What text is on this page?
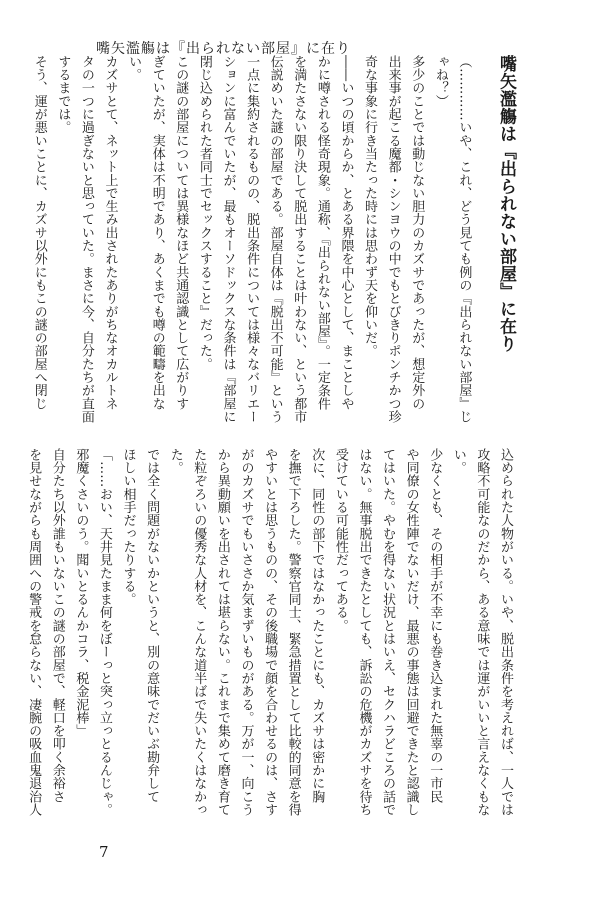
嘴矢濫觴は『出られない部屋』に在り
嘴矢濫觴は『出られない部屋』に在り
（…………いや、これ、どう見ても例の『出られない部屋』じ
ゃね？）
多少のことでは動じない胆力のカズサであったが、想定外の
出来事が起こる魔都・シンヨウの中でもとびきりポンチかつ珍
奇な事象に行き当たった時には思わず天を仰いだ。
――いつの頃からか、とある界隈を中心として、まことしや
かに噂される怪奇現象。通称、『出られない部屋』。一定条件
を満たさない限り決して脱出することは叶わない、という都市
伝説めいた謎の部屋である。部屋自体は『脱出不可能』という
一点に集約されるものの、脱出条件については様々なバリエー
ションに富んでいたが、最もオーソドックスな条件は『部屋に
閉じ込められた者同士でセックスすること』だった。
この謎の部屋については異様なほど共通認識として広がりす
ぎていたが、実体は不明であり、あくまでも噂の範疇を出な
い。
カズサとて、ネット上で生み出されたありがちなオカルトネ
タの一つに過ぎないと思っていた。まさに今、自分たちが直面
するまでは。
そう、運が悪いことに、カズサ以外にもこの謎の部屋へ閉じ
込められた人物がいる。いや、脱出条件を考えれば、一人では
攻略不可能なのだから、ある意味では運がいいと言えなくもな
い。
少なくとも、その相手が不幸にも巻き込まれた無辜の一市民
や同僚の女性陣でないだけ、最悪の事態は回避できたと認識し
てはいた。やむを得ない状況とはいえ、セクハラどころの話で
はない。無事脱出できたとしても、訴訟の危機がカズサを待ち
受けている可能性だってある。
次に、同性の部下ではなかったことにも、カズサは密かに胸
を撫で下ろした。警察官同士、緊急措置として比較的同意を得
やすいとは思うものの、その後職場で顔を合わせるのは、さす
がのカズサでもいささか気まずいものがある。万が一、向こう
から異動願いを出されては堪らない。これまで集めて磨き育て
た粒ぞろいの優秀な人材を、こんな道半ばで失いたくはなかっ
た。
では全く問題がないかというと、別の意味でだいぶ勘弁して
ほしい相手だったりする。
「……おい、天井見たまま何をぼーっと突っ立っとるんじゃ。
邪魔くさいのう。聞いとるんかコラ、税金泥棒」
自分たち以外誰もいないこの謎の部屋で、軽口を叩く余裕さ
を見せながらも周囲への警戒を怠らない、凄腕の吸血鬼退治人
7
